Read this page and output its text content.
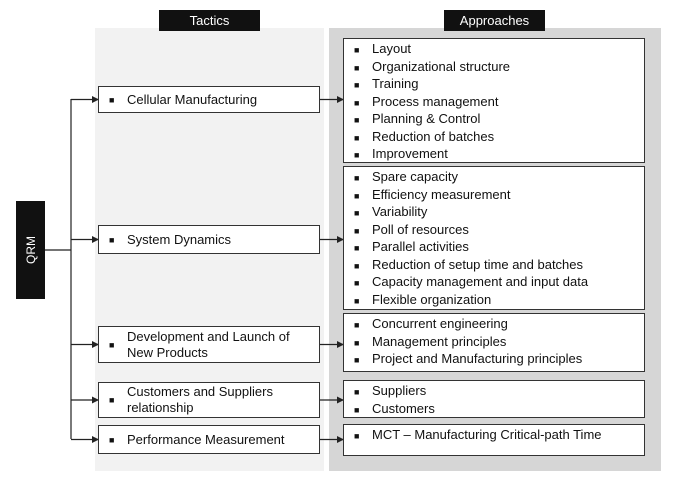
Tactics	Approaches
QRM
■ Cellular Manufacturing
■ System Dynamics
■
Development and Launch of New Products
■
Customers and Suppliers relationship
■ Performance Measurement
■ Layout
■ Organizational structure
■ Training
■ Process management
■ Planning & Control
■ Reduction of batches
■ Improvement
■ Spare capacity
■ Efficiency measurement
■ Variability
■ Poll of resources
■ Parallel activities
■ Reduction of setup time and batches
■ Capacity management and input data
■ Flexible organization
■ Concurrent engineering
■ Management principles
■ Project and Manufacturing principles
■ Suppliers
■ Customers
■ MCT – Manufacturing Critical-path Time
